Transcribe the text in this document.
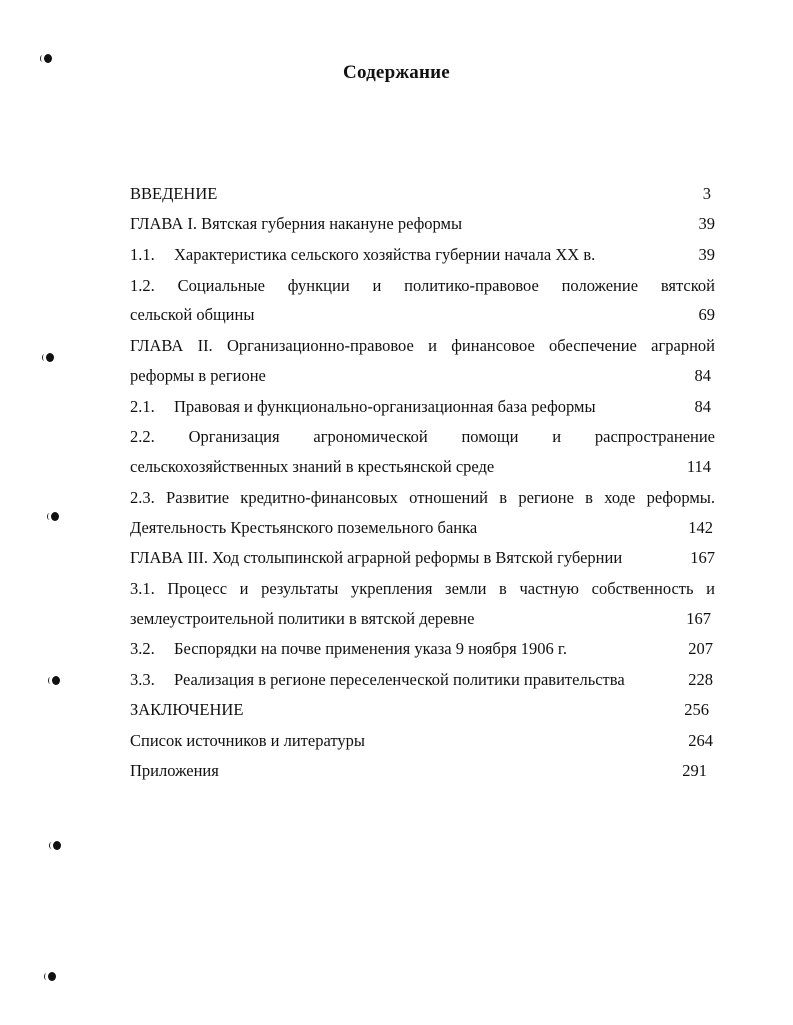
Содержание
ВВЕДЕНИЕ	3
ГЛАВА I. Вятская губерния накануне реформы	39
1.1. Характеристика сельского хозяйства губернии начала XX в.	39
1.2. Социальные функции и политико-правовое положение вятской
сельской общины	69
ГЛАВА II. Организационно-правовое и финансовое обеспечение аграрной
реформы в регионе	84
2.1. Правовая и функционально-организационная база реформы	84
2.2. Организация агрономической помощи и распространение
сельскохозяйственных знаний в крестьянской среде	114
2.3. Развитие кредитно-финансовых отношений в регионе в ходе реформы.
Деятельность Крестьянского поземельного банка	142
ГЛАВА III. Ход столыпинской аграрной реформы в Вятской губернии	167
3.1. Процесс и результаты укрепления земли в частную собственность и
землеустроительной политики в вятской деревне	167
3.2. Беспорядки на почве применения указа 9 ноября 1906 г.	207
3.3. Реализация в регионе переселенческой политики правительства	228
ЗАКЛЮЧЕНИЕ	256
Список источников и литературы	264
Приложения	291
